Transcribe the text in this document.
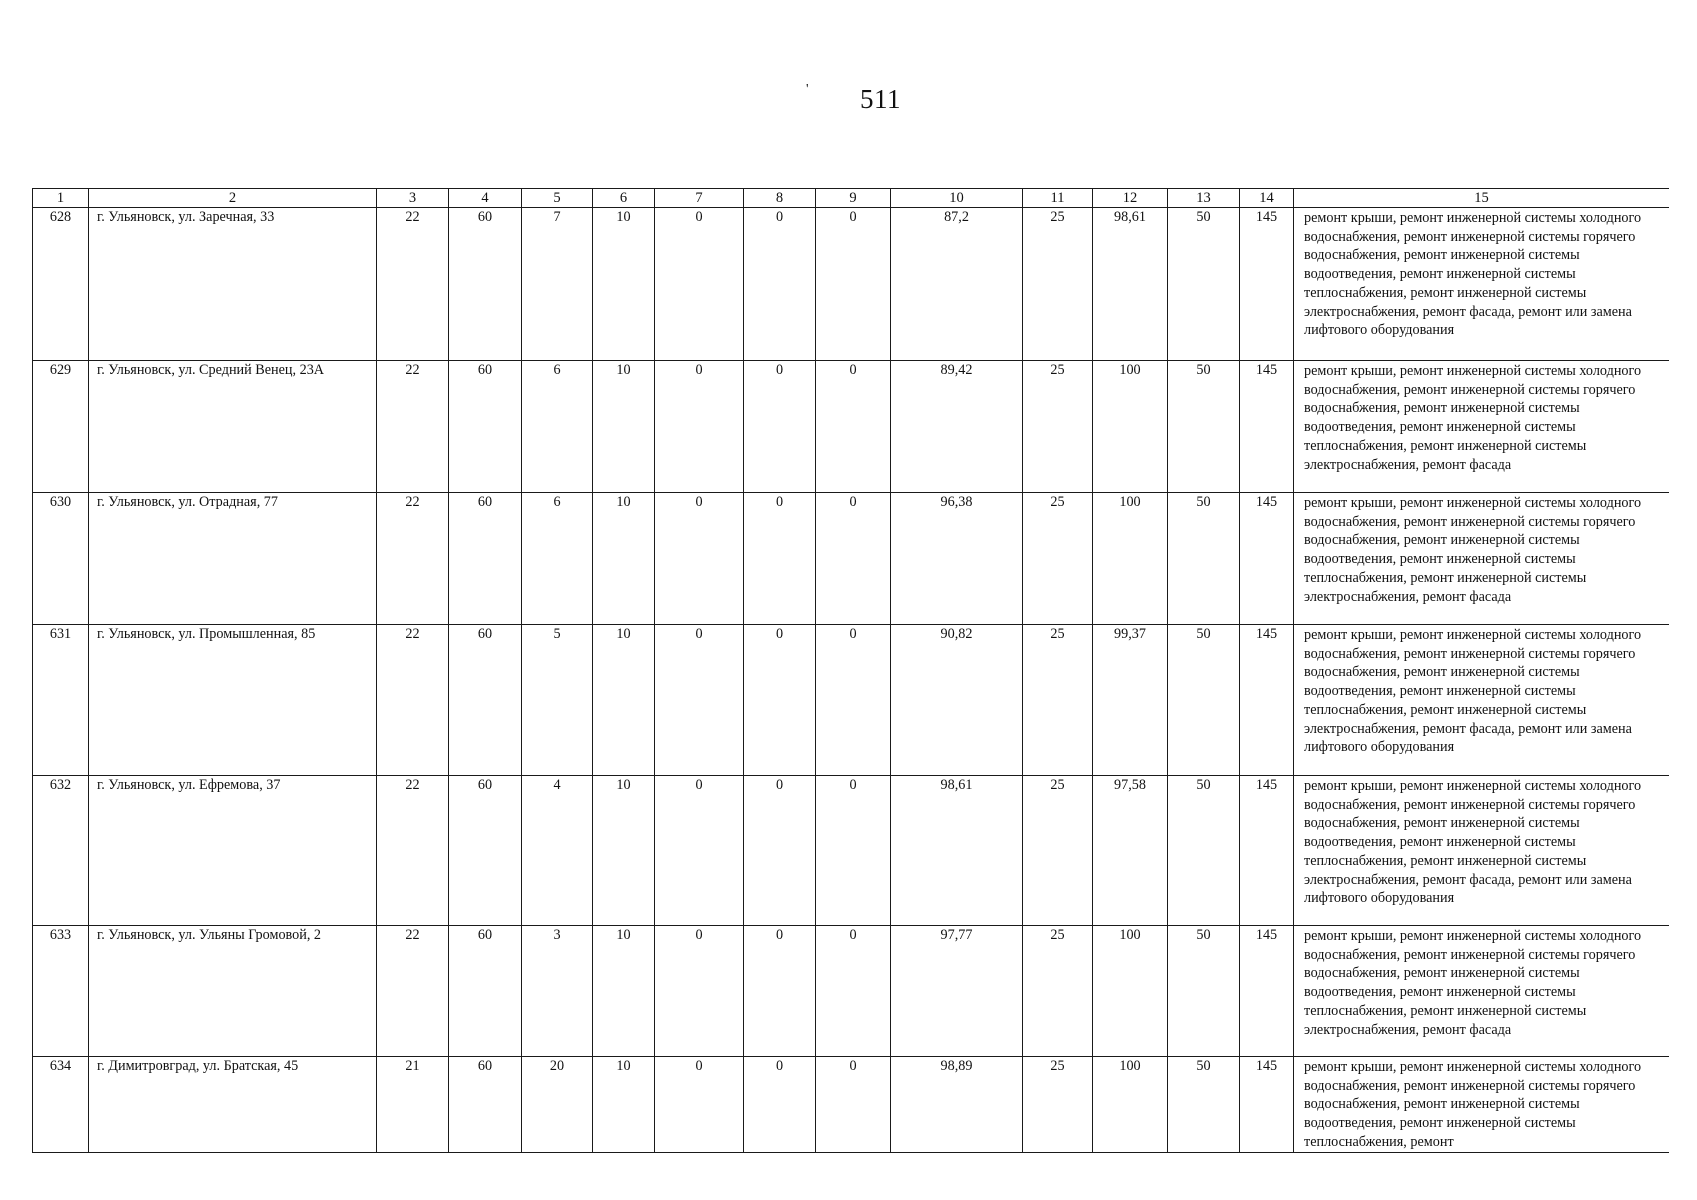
' 511
1	2	3	4	5	6	7	8	9	10	11	12	13	14	15
628	г. Ульяновск, ул. Заречная, 33	22	60	7	10	0	0	0	87,2	25	98,61	50	145	ремонт крыши, ремонт инженерной системы холодного водоснабжения, ремонт инженерной системы горячего водоснабжения, ремонт инженерной системы водоотведения, ремонт инженерной системы теплоснабжения, ремонт инженерной системы электроснабжения, ремонт фасада, ремонт или замена лифтового оборудования
629	г. Ульяновск, ул. Средний Венец, 23А	22	60	6	10	0	0	0	89,42	25	100	50	145	ремонт крыши, ремонт инженерной системы холодного водоснабжения, ремонт инженерной системы горячего водоснабжения, ремонт инженерной системы водоотведения, ремонт инженерной системы теплоснабжения, ремонт инженерной системы электроснабжения, ремонт фасада
630	г. Ульяновск, ул. Отрадная, 77	22	60	6	10	0	0	0	96,38	25	100	50	145	ремонт крыши, ремонт инженерной системы холодного водоснабжения, ремонт инженерной системы горячего водоснабжения, ремонт инженерной системы водоотведения, ремонт инженерной системы теплоснабжения, ремонт инженерной системы электроснабжения, ремонт фасада
631	г. Ульяновск, ул. Промышленная, 85	22	60	5	10	0	0	0	90,82	25	99,37	50	145	ремонт крыши, ремонт инженерной системы холодного водоснабжения, ремонт инженерной системы горячего водоснабжения, ремонт инженерной системы водоотведения, ремонт инженерной системы теплоснабжения, ремонт инженерной системы электроснабжения, ремонт фасада, ремонт или замена лифтового оборудования
632	г. Ульяновск, ул. Ефремова, 37	22	60	4	10	0	0	0	98,61	25	97,58	50	145	ремонт крыши, ремонт инженерной системы холодного водоснабжения, ремонт инженерной системы горячего водоснабжения, ремонт инженерной системы водоотведения, ремонт инженерной системы теплоснабжения, ремонт инженерной системы электроснабжения, ремонт фасада, ремонт или замена лифтового оборудования
633	г. Ульяновск, ул. Ульяны Громовой, 2	22	60	3	10	0	0	0	97,77	25	100	50	145	ремонт крыши, ремонт инженерной системы холодного водоснабжения, ремонт инженерной системы горячего водоснабжения, ремонт инженерной системы водоотведения, ремонт инженерной системы теплоснабжения, ремонт инженерной системы электроснабжения, ремонт фасада
634	г. Димитровград, ул. Братская, 45	21	60	20	10	0	0	0	98,89	25	100	50	145	ремонт крыши, ремонт инженерной системы холодного водоснабжения, ремонт инженерной системы горячего водоснабжения, ремонт инженерной системы водоотведения, ремонт инженерной системы теплоснабжения, ремонт
